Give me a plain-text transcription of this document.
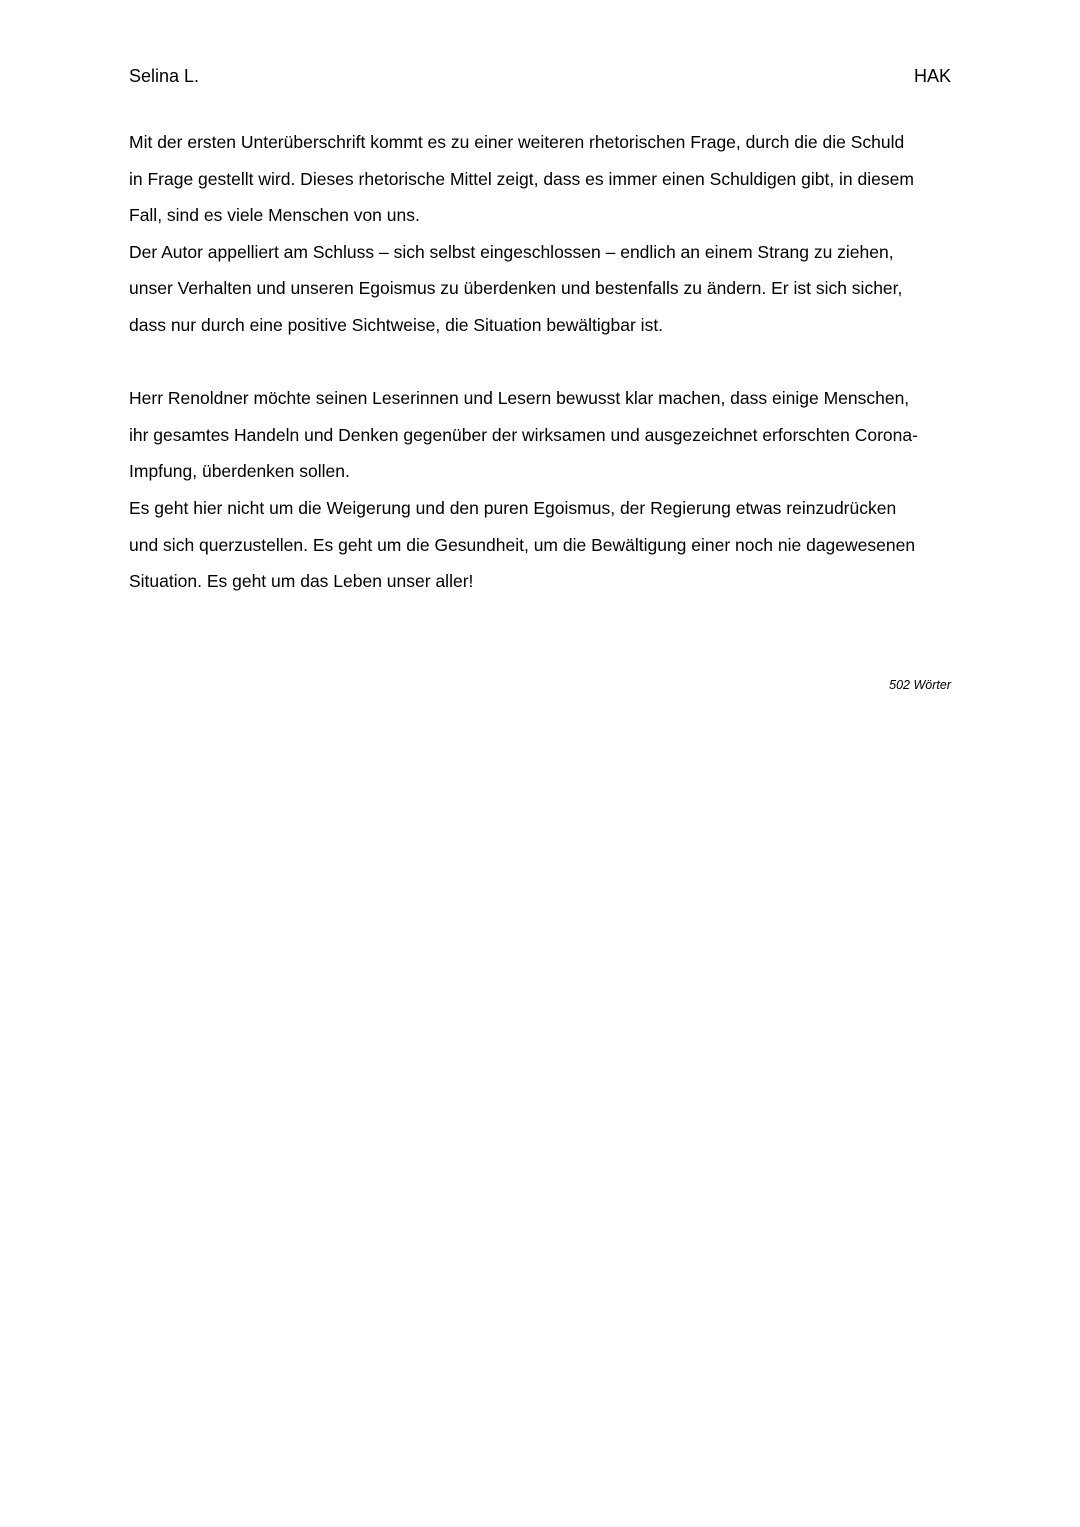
Selina L.	HAK

Mit der ersten Unterüberschrift kommt es zu einer weiteren rhetorischen Frage, durch die die Schuld
in Frage gestellt wird. Dieses rhetorische Mittel zeigt, dass es immer einen Schuldigen gibt, in diesem
Fall, sind es viele Menschen von uns.

Der Autor appelliert am Schluss – sich selbst eingeschlossen – endlich an einem Strang zu ziehen,
unser Verhalten und unseren Egoismus zu überdenken und bestenfalls zu ändern. Er ist sich sicher,
dass nur durch eine positive Sichtweise, die Situation bewältigbar ist.

Herr Renoldner möchte seinen Leserinnen und Lesern bewusst klar machen, dass einige Menschen,
ihr gesamtes Handeln und Denken gegenüber der wirksamen und ausgezeichnet erforschten Corona-
Impfung, überdenken sollen.

Es geht hier nicht um die Weigerung und den puren Egoismus, der Regierung etwas reinzudrücken
und sich querzustellen. Es geht um die Gesundheit, um die Bewältigung einer noch nie dagewesenen
Situation. Es geht um das Leben unser aller!

502 Wörter
